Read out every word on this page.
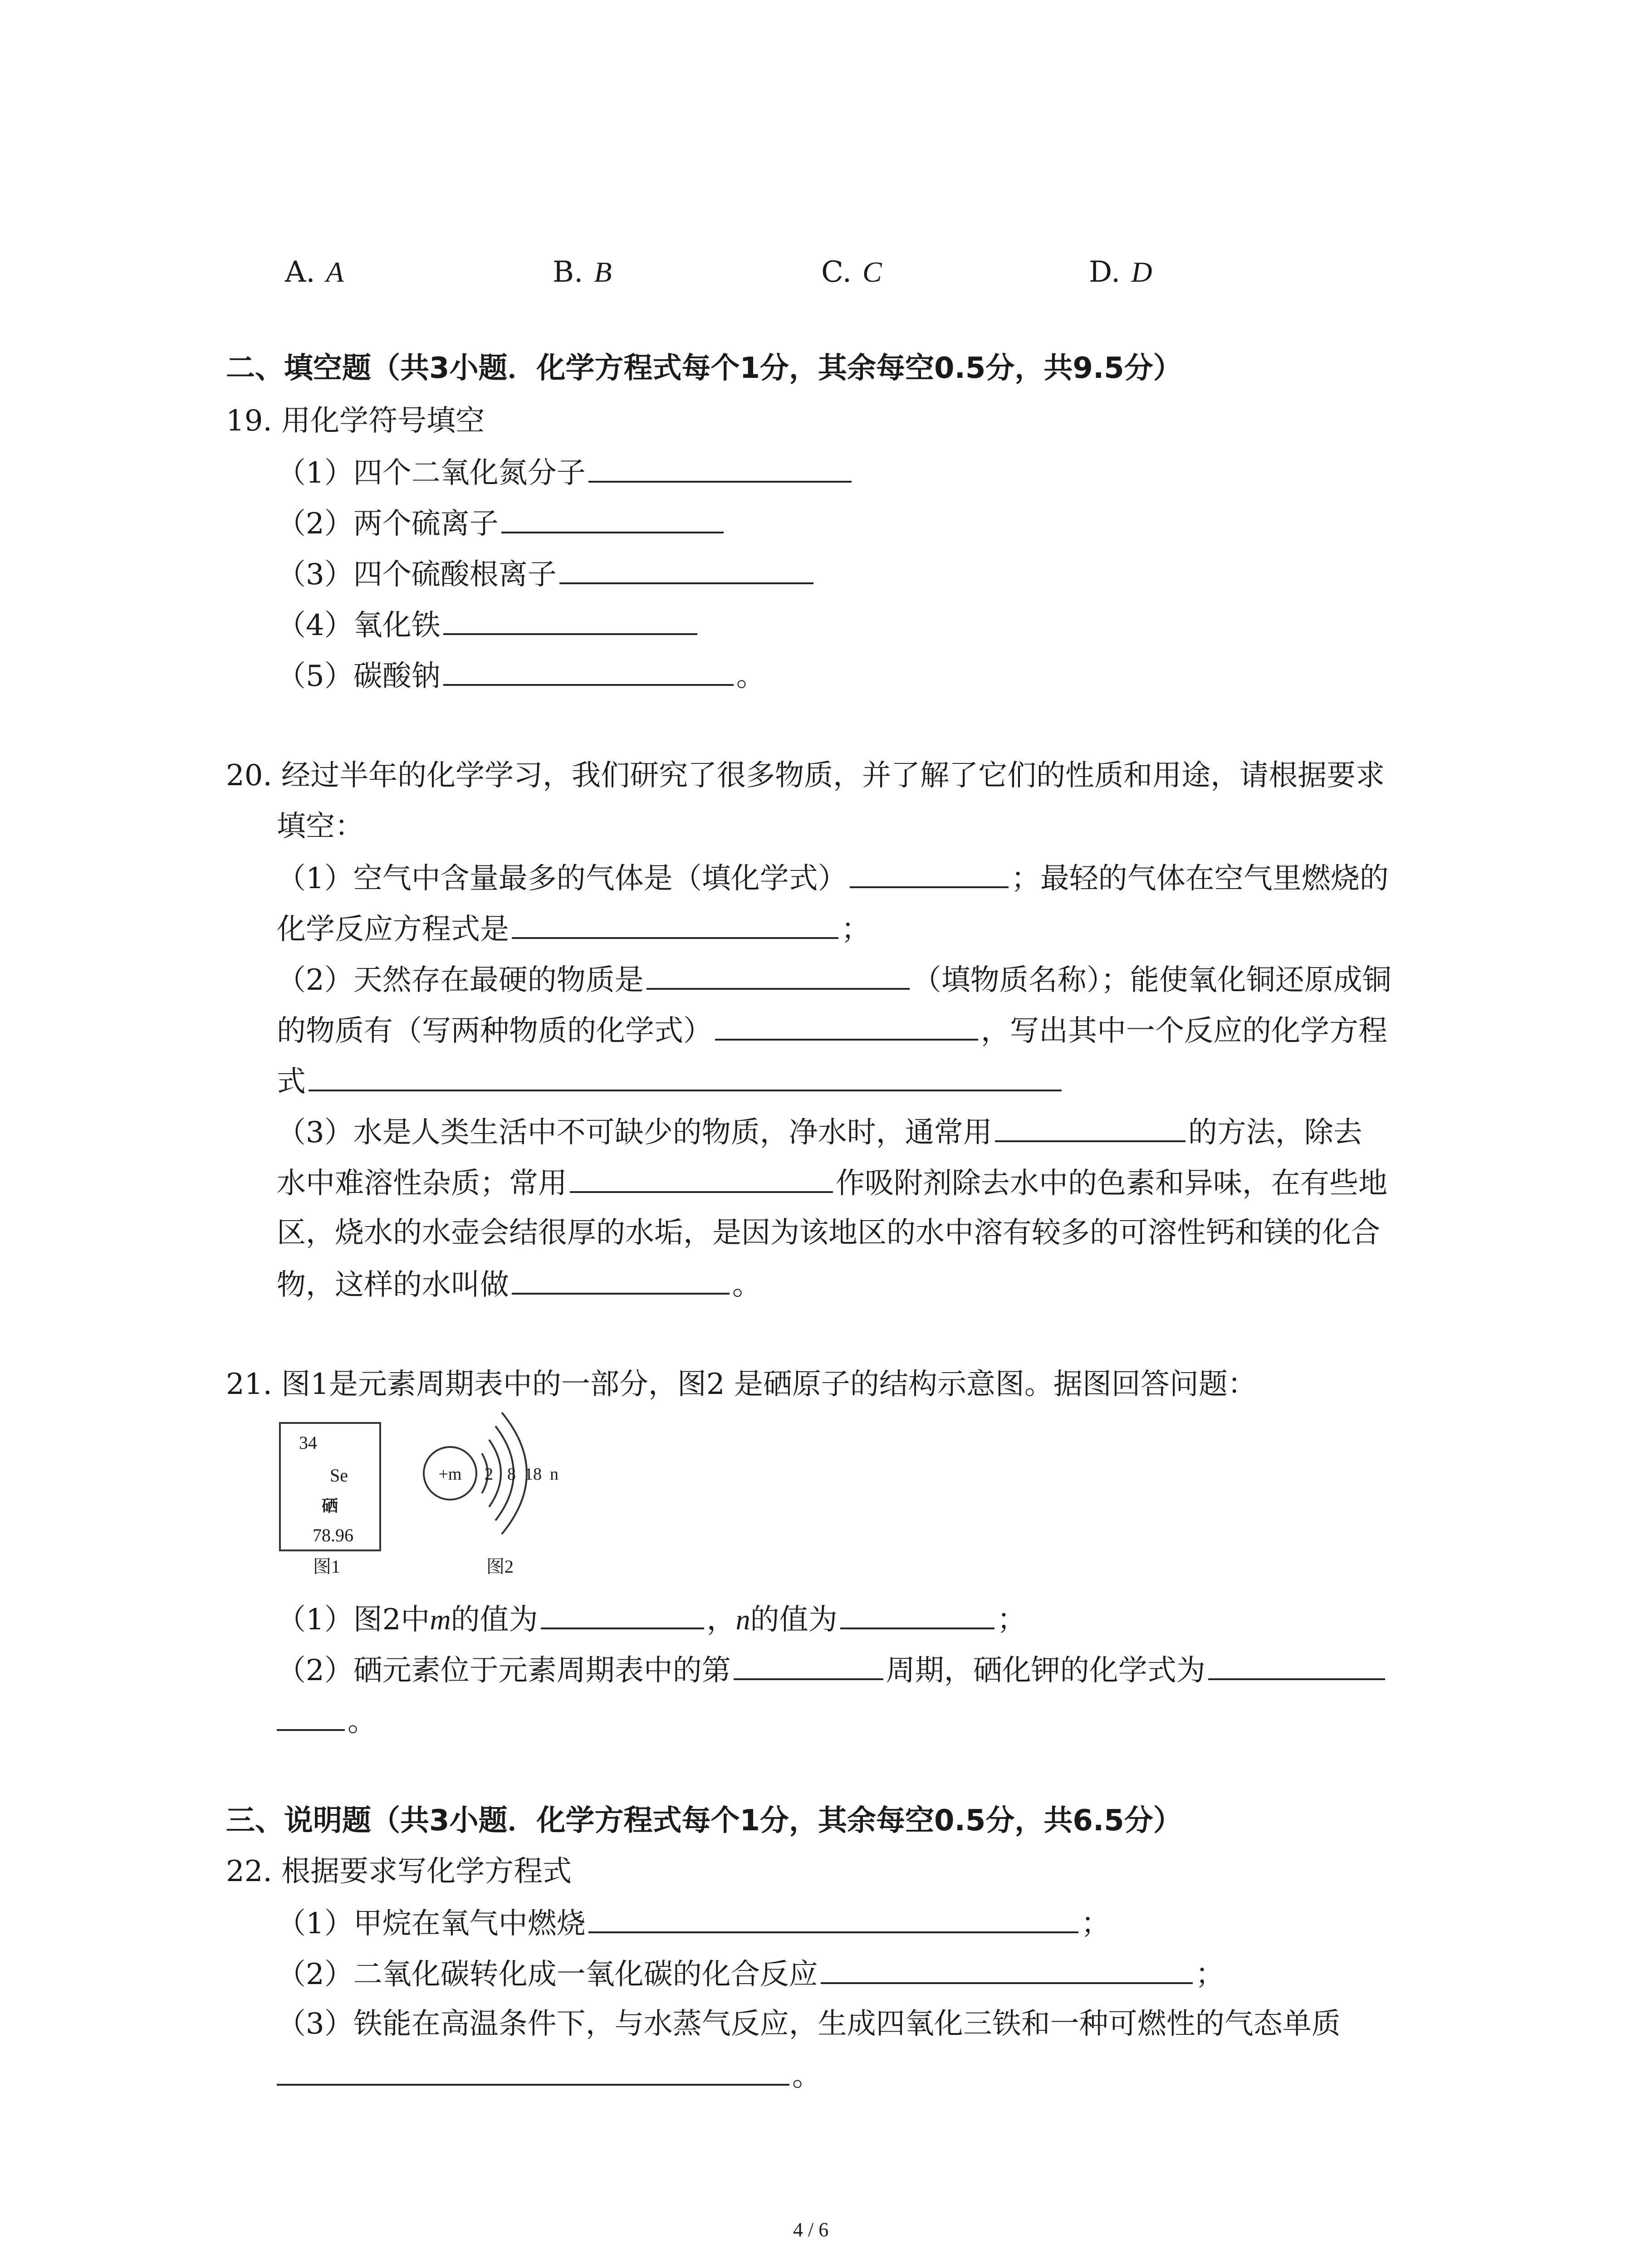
A. A	B. B	C. C	D. D
二、填空题（共3小题．化学方程式每个1分，其余每空0.5分，共9.5分）
19. 用化学符号填空
（1）四个二氧化氮分子
（2）两个硫离子
（3）四个硫酸根离子
（4）氧化铁
（5）碳酸钠	。
20. 经过半年的化学学习，我们研究了很多物质，并了解了它们的性质和用途，请根据要求
填空：
（1）空气中含量最多的气体是（填化学式）	；最轻的气体在空气里燃烧的
化学反应方程式是	；
（2）天然存在最硬的物质是	（填物质名称）；能使氧化铜还原成铜
的物质有（写两种物质的化学式）	，写出其中一个反应的化学方程
式
（3）水是人类生活中不可缺少的物质，净水时，通常用	的方法，除去
水中难溶性杂质；常用	作吸附剂除去水中的色素和异味，在有些地
区，烧水的水壶会结很厚的水垢，是因为该地区的水中溶有较多的可溶性钙和镁的化合
物，这样的水叫做	。
21. 图1是元素周期表中的一部分，图2 是硒原子的结构示意图。据图回答问题：
34
Se
硒
78.96
图1
+m 2 8 18 n
图2
（1）图2中m的值为	，n的值为	；
（2）硒元素位于元素周期表中的第	周期，硒化钾的化学式为
。
三、说明题（共3小题．化学方程式每个1分，其余每空0.5分，共6.5分）
22. 根据要求写化学方程式
（1）甲烷在氧气中燃烧	；
（2）二氧化碳转化成一氧化碳的化合反应	；
（3）铁能在高温条件下，与水蒸气反应，生成四氧化三铁和一种可燃性的气态单质
。
4 / 6
